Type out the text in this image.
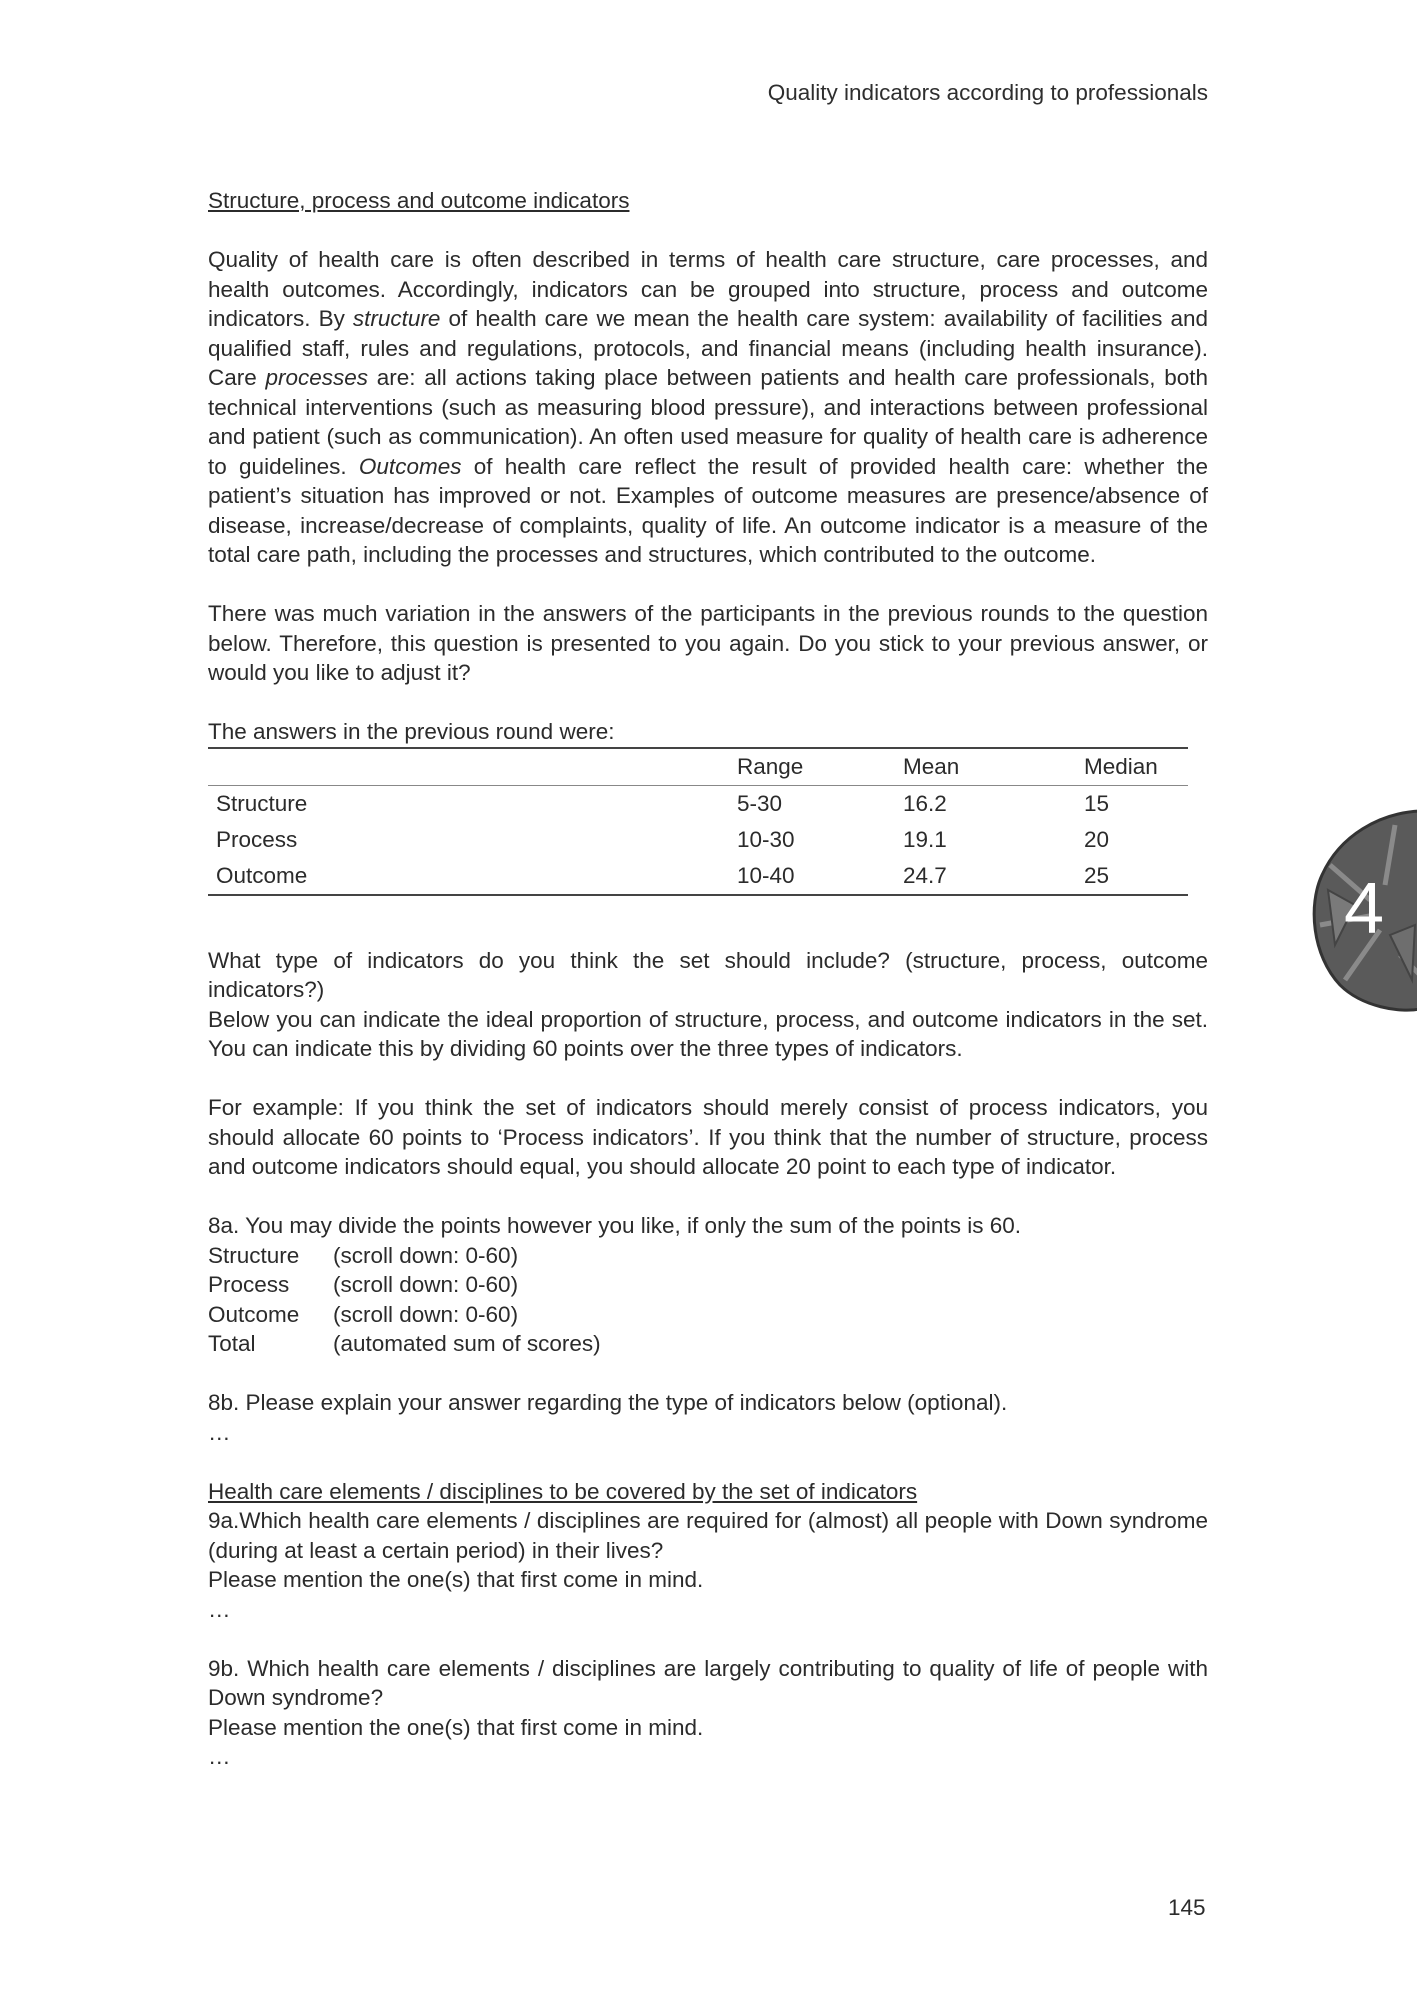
Quality indicators according to professionals
4

Structure, process and outcome indicators

Quality of health care is often described in terms of health care structure, care processes, and health outcomes. Accordingly, indicators can be grouped into structure, process and outcome indicators. By structure of health care we mean the health care system: availability of facilities and qualified staff, rules and regulations, protocols, and financial means (including health insurance). Care processes are: all actions taking place between patients and health care professionals, both technical interventions (such as measuring blood pressure), and interactions between professional and patient (such as communication). An often used measure for quality of health care is adherence to guidelines. Outcomes of health care reflect the result of provided health care: whether the patient’s situation has improved or not. Examples of outcome measures are presence/absence of disease, increase/decrease of complaints, quality of life. An outcome indicator is a measure of the total care path, including the processes and structures, which contributed to the outcome.

There was much variation in the answers of the participants in the previous rounds to the question below. Therefore, this question is presented to you again. Do you stick to your previous answer, or would you like to adjust it?

The answers in the previous round were:

	Range	Mean	Median
Structure	5-30	16.2	15
Process	10-30	19.1	20
Outcome	10-40	24.7	25

What type of indicators do you think the set should include? (structure, process, outcome indicators?)

Below you can indicate the ideal proportion of structure, process, and outcome indicators in the set. You can indicate this by dividing 60 points over the three types of indicators.

For example: If you think the set of indicators should merely consist of process indicators, you should allocate 60 points to ‘Process indicators’. If you think that the number of structure, process and outcome indicators should equal, you should allocate 20 point to each type of indicator.

8a. You may divide the points however you like, if only the sum of the points is 60.

Structure	(scroll down: 0-60)
Process	(scroll down: 0-60)
Outcome	(scroll down: 0-60)
Total	(automated sum of scores)

8b. Please explain your answer regarding the type of indicators below (optional).

…

Health care elements / disciplines to be covered by the set of indicators

9a.Which health care elements / disciplines are required for (almost) all people with Down syndrome (during at least a certain period) in their lives?

Please mention the one(s) that first come in mind.

…

9b. Which health care elements / disciplines are largely contributing to quality of life of people with Down syndrome?

Please mention the one(s) that first come in mind.

…

145
